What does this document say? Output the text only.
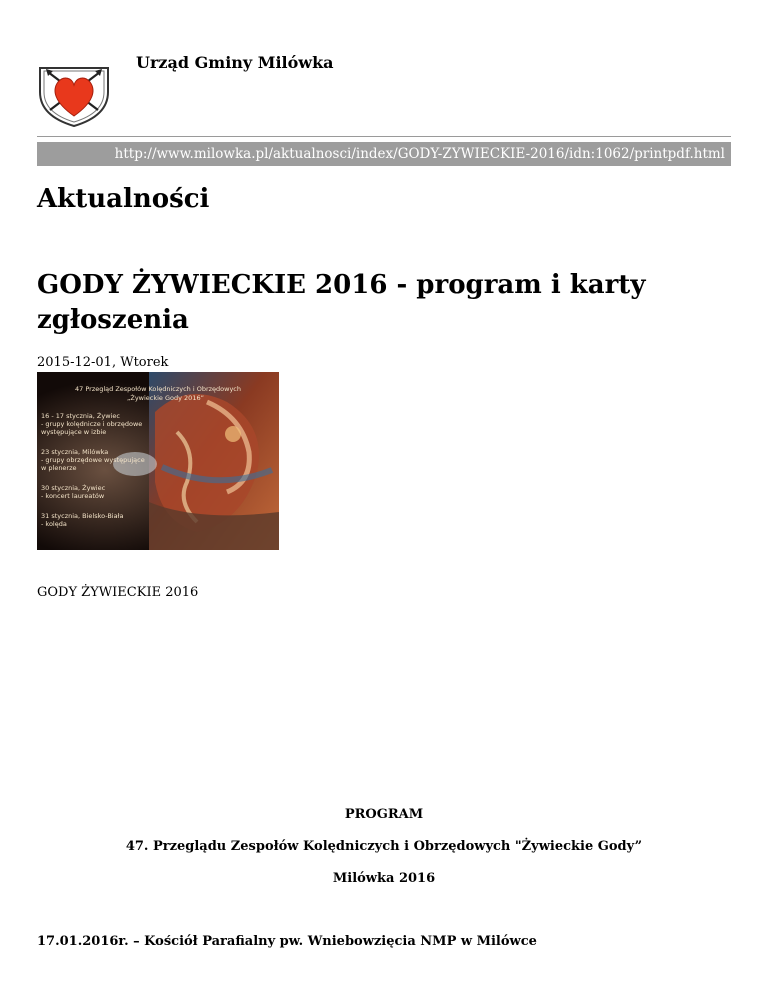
Urząd Gminy Milówka
http://www.milowka.pl/aktualnosci/index/GODY-ZYWIECKIE-2016/idn:1062/printpdf.html
Aktualności
GODY ŻYWIECKIE 2016 - program i karty zgłoszenia
2015-12-01, Wtorek
47 Przegląd Zespołów Kolędniczych i Obrzędowych
„Żywieckie Gody 2016”
16 - 17 stycznia, Żywiec
- grupy kolędnicze i obrzędowe
występujące w izbie
23 stycznia, Milówka
- grupy obrzędowe występujące
w plenerze
30 stycznia, Żywiec
- koncert laureatów
31 stycznia, Bielsko-Biała
- kolęda
GODY ŻYWIECKIE 2016
PROGRAM
47. Przeglądu Zespołów Kolędniczych i Obrzędowych "Żywieckie Gody”
Milówka 2016
17.01.2016r. – Kościół Parafialny pw. Wniebowzięcia NMP w Milówce
